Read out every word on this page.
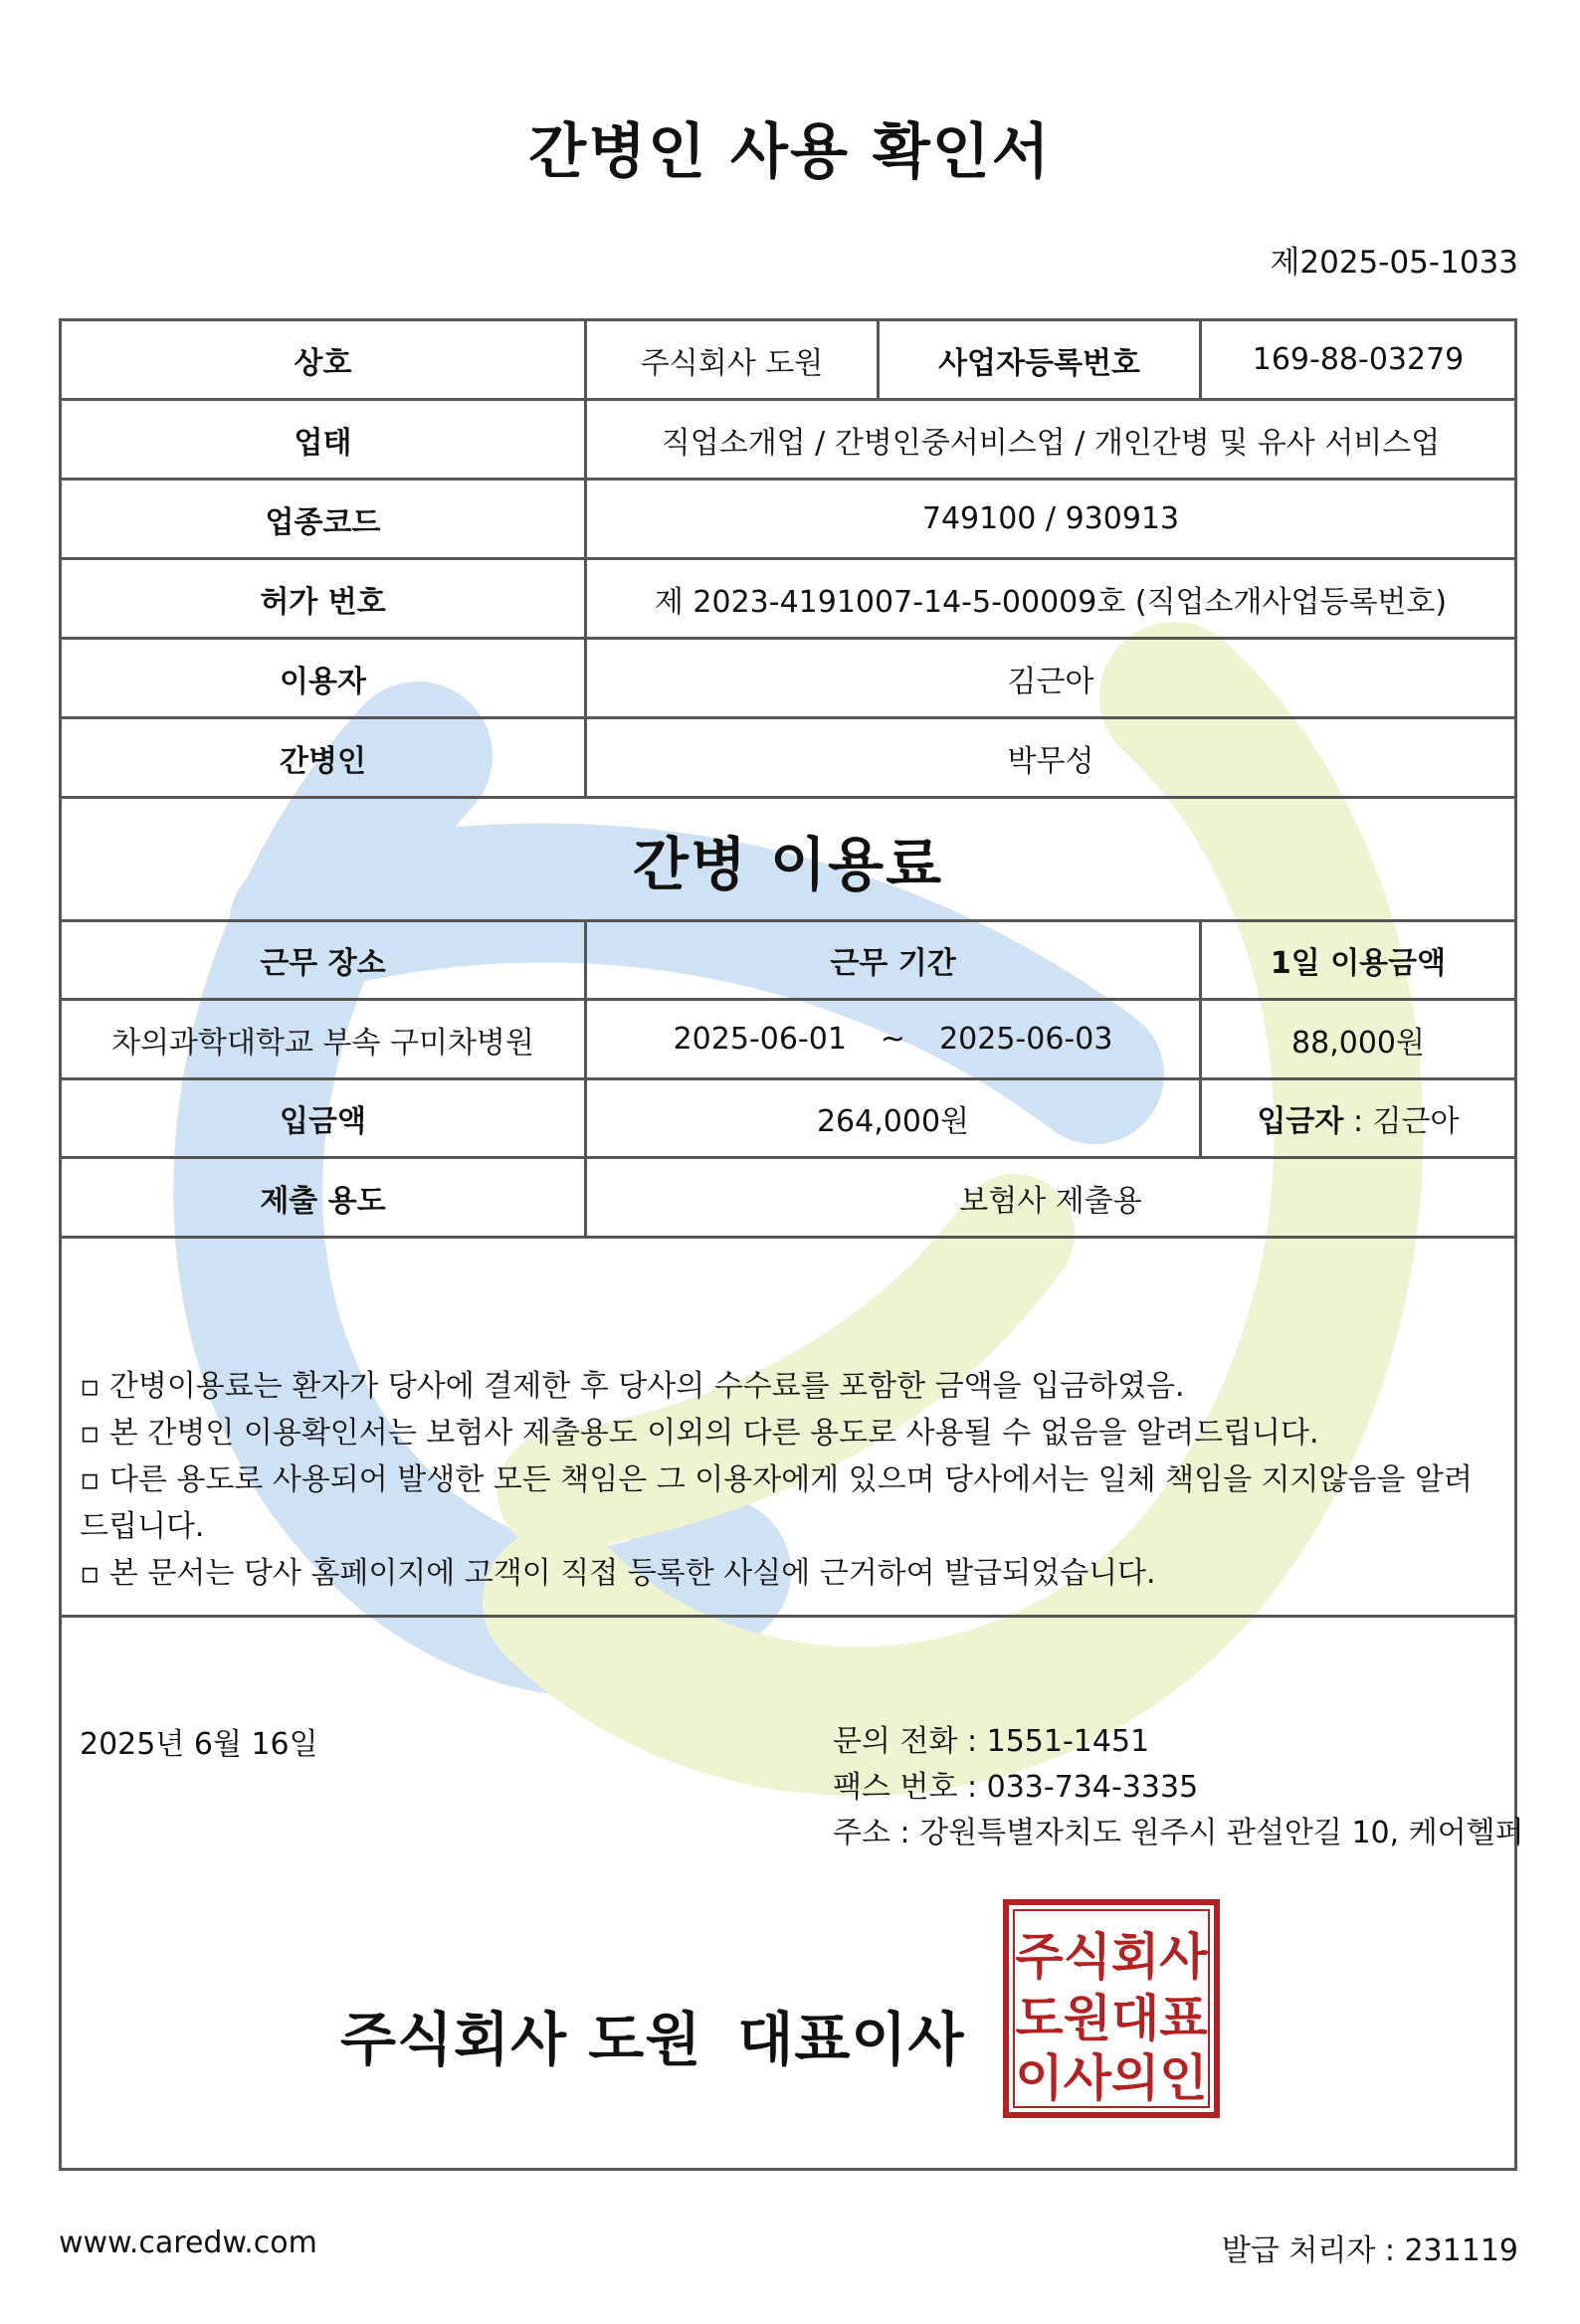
간병인 사용 확인서
제2025-05-1033
상호	주식회사 도원	사업자등록번호	169-88-03279
업태	직업소개업 / 간병인중서비스업 / 개인간병 및 유사 서비스업
업종코드	749100 / 930913
허가 번호	제 2023-4191007-14-5-00009호 (직업소개사업등록번호)
이용자	김근아
간병인	박무성
간병 이용료
근무 장소	근무 기간	1일 이용금액
차의과학대학교 부속 구미차병원	2025-06-01 ~ 2025-06-03	88,000원
입금액	264,000원	입금자 : 김근아
제출 용도	보험사 제출용

▫ 간병이용료는 환자가 당사에 결제한 후 당사의 수수료를 포함한 금액을 입금하였음.

▫ 본 간병인 이용확인서는 보험사 제출용도 이외의 다른 용도로 사용될 수 없음을 알려드립니다.

▫ 다른 용도로 사용되어 발생한 모든 책임은 그 이용자에게 있으며 당사에서는 일체 책임을 지지않음을 알려드립니다.

▫ 본 문서는 당사 홈페이지에 고객이 직접 등록한 사실에 근거하여 발급되었습니다.

2025년 6월 16일	문의 전화 : 1551-1451
팩스 번호 : 033-734-3335
주소 : 강원특별자치도 원주시 관설안길 10, 케어헬퍼
주식회사 도원 대표이사
주식회사
도원대표
이사의인
www.caredw.com	발급 처리자 : 231119
